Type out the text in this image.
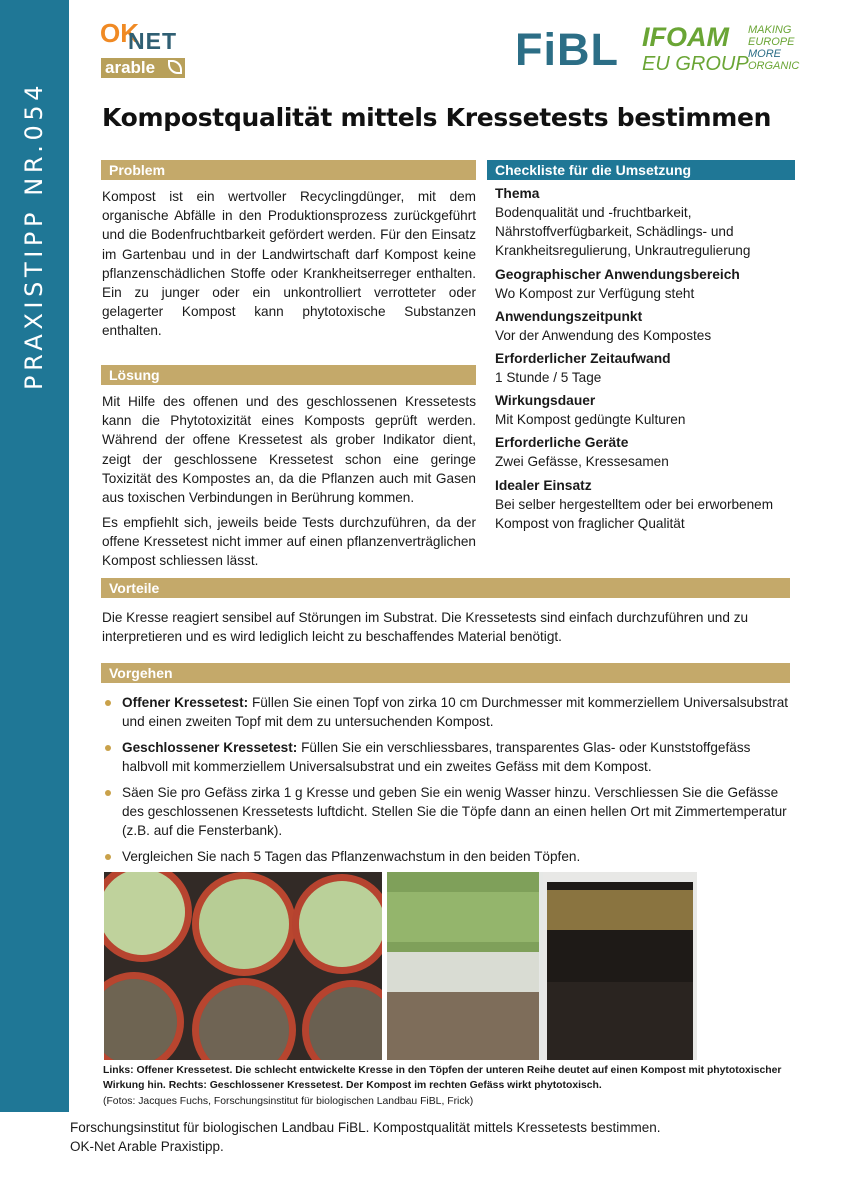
PRAXISTIPP NR.054
OK
NET
arable	FiBL IFOAM
EU GROUP
MAKING
EUROPE
MORE
ORGANIC
Kompostqualität mittels Kressetests bestimmen
Problem

Kompost ist ein wertvoller Recyclingdünger, mit dem organische Abfälle in den Produktionsprozess zurückgeführt und die Bodenfruchtbarkeit gefördert werden. Für den Einsatz im Gartenbau und in der Landwirtschaft darf Kompost keine pflanzenschädlichen Stoffe oder Krankheitserreger enthalten. Ein zu junger oder ein unkontrolliert verrotteter oder gelagerter Kompost kann phytotoxische Substanzen enthalten.

Lösung

Mit Hilfe des offenen und des geschlossenen Kressetests kann die Phytotoxizität eines Komposts geprüft werden. Während der offene Kressetest als grober Indikator dient, zeigt der geschlossene Kressetest schon eine geringe Toxizität des Kompostes an, da die Pflanzen auch mit Gasen aus toxischen Verbindungen in Berührung kommen.

Es empfiehlt sich, jeweils beide Tests durchzuführen, da der offene Kressetest nicht immer auf einen pflanzenverträglichen Kompost schliessen lässt.

Checkliste für die Umsetzung
Thema
Bodenqualität und -fruchtbarkeit, Nährstoffverfügbarkeit, Schädlings- und Krankheitsregulierung, Unkrautregulierung
Geographischer Anwendungsbereich
Wo Kompost zur Verfügung steht
Anwendungszeitpunkt
Vor der Anwendung des Kompostes
Erforderlicher Zeitaufwand
1 Stunde / 5 Tage
Wirkungsdauer
Mit Kompost gedüngte Kulturen
Erforderliche Geräte
Zwei Gefässe, Kressesamen
Idealer Einsatz
Bei selber hergestelltem oder bei erworbenem Kompost von fraglicher Qualität
Vorteile

Die Kresse reagiert sensibel auf Störungen im Substrat. Die Kressetests sind einfach durchzuführen und zu interpretieren und es wird lediglich leicht zu beschaffendes Material benötigt.

Vorgehen
Offener Kressetest: Füllen Sie einen Topf von zirka 10 cm Durchmesser mit kommerziellem Universalsubstrat und einen zweiten Topf mit dem zu untersuchenden Kompost.
Geschlossener Kressetest: Füllen Sie ein verschliessbares, transparentes Glas- oder Kunststoffgefäss halbvoll mit kommerziellem Universalsubstrat und ein zweites Gefäss mit dem Kompost.
Säen Sie pro Gefäss zirka 1 g Kresse und geben Sie ein wenig Wasser hinzu. Verschliessen Sie die Gefässe des geschlossenen Kressetests luftdicht. Stellen Sie die Töpfe dann an einen hellen Ort mit Zimmertemperatur (z.B. auf die Fensterbank).
Vergleichen Sie nach 5 Tagen das Pflanzenwachstum in den beiden Töpfen.
Links: Offener Kressetest. Die schlecht entwickelte Kresse in den Töpfen der unteren Reihe deutet auf einen Kompost mit phytotoxischer Wirkung hin. Rechts: Geschlossener Kressetest. Der Kompost im rechten Gefäss wirkt phytotoxisch.
(Fotos: Jacques Fuchs, Forschungsinstitut für biologischen Landbau FiBL, Frick)
Forschungsinstitut für biologischen Landbau FiBL. Kompostqualität mittels Kressetests bestimmen.
OK-Net Arable Praxistipp.
